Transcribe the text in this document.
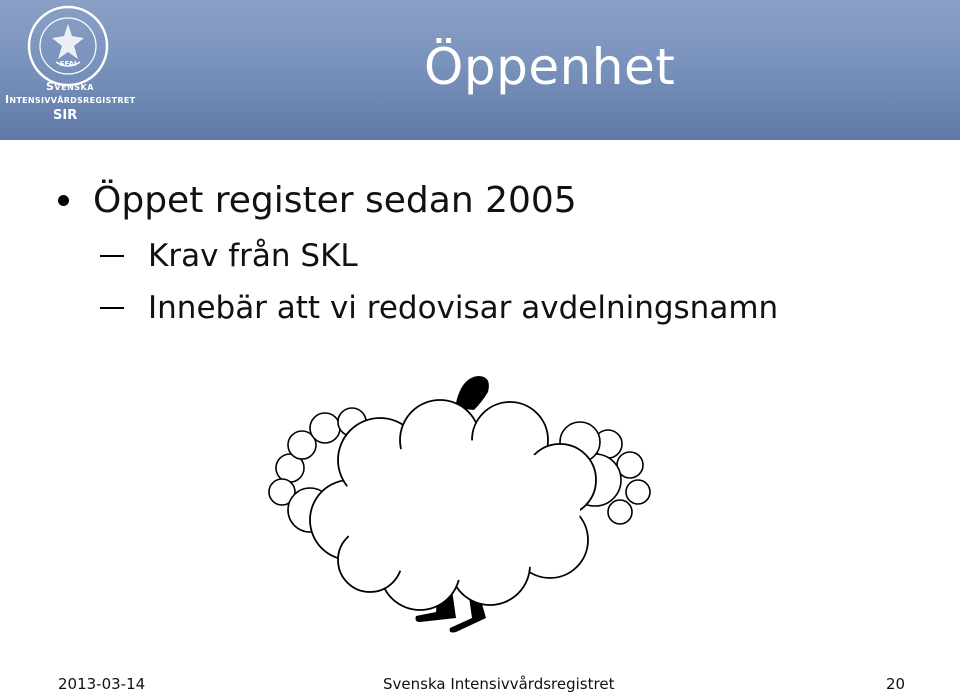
SFAI
Svenska
Intensivvårdsregistret
SIR
Öppenhet
Öppet register sedan 2005
Krav från SKL
Innebär att vi redovisar avdelningsnamn
2013-03-14	Svenska Intensivvårdsregistret	20
